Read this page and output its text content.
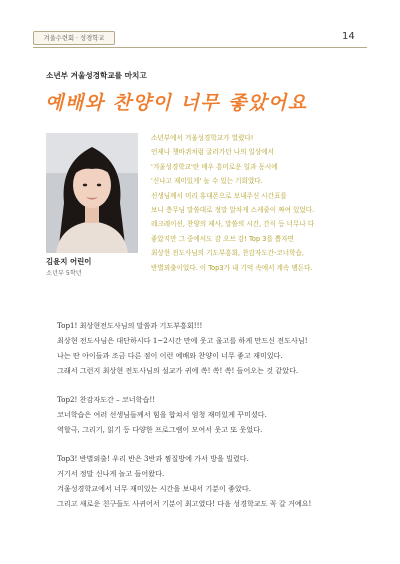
겨울수련회 · 성경학교	14
소년부 겨울성경학교를 마치고
예배와 찬양이 너무 좋았어요
김윤지 어린이
소년부 5학년
소년부에서 겨울성경학교가 열렸다!
언제나 챗바퀴처럼 굴러가던 나의 일상에서
'겨울성경학교'란 매우 흥미로운 일과 동시에
'신나고 재미있게' 놀 수 있는 기회였다.
선생님께서 미리 휴대폰으로 보내주신 시간표를
보니 층무님 말씀대로 정말 알차게 스케줄이 짜여 있었다.
레크레이션, 찬양의 제사, 말씀의 시간, 간식 등 너무나 다
좋았지만 그 중에서도 감 오브 감! Top 3를 뽑자면
최상현 전도사님의 기도부흥회, 찬감자도간-코너학습,
반별외출이었다. 이 Top3가 내 기억 속에서 계속 맴돈다.
Top1! 최상현전도사님의 말씀과 기도부흥회!!!
최상현 전도사님은 대단하시다 1~2시간 만에 웃고 울고를 하게 만드신 전도사님!
나는 딴 아이들과 조금 다른 점이 이런 예배와 찬양이 너무 좋고 재미있다.
그래서 그런지 최상현 전도사님의 설교가 귀에 쏙! 쏙! 쏙! 들어오는 것 같았다.
Top2! 찬감자도간 – 코너학습!!
코너학습은 여러 선생님들께서 힘을 합쳐서 엄청 재미있게 꾸미셨다.
역할극, 그리기, 읽기 등 다양한 프로그램이 모여서 웃고 또 웃었다.
Top3! 반별외출! 우리 반은 3반과 찜질방에 가서 방을 빌렸다.
거기서 정말 신나게 놀고 들어왔다.
겨울성경학교에서 너무 재미있는 시간을 보내서 기분이 좋았다.
그리고 새로운 친구들도 사귀어서 기분이 최고였다! 다음 성경학교도 꼭 갈 거예요!
